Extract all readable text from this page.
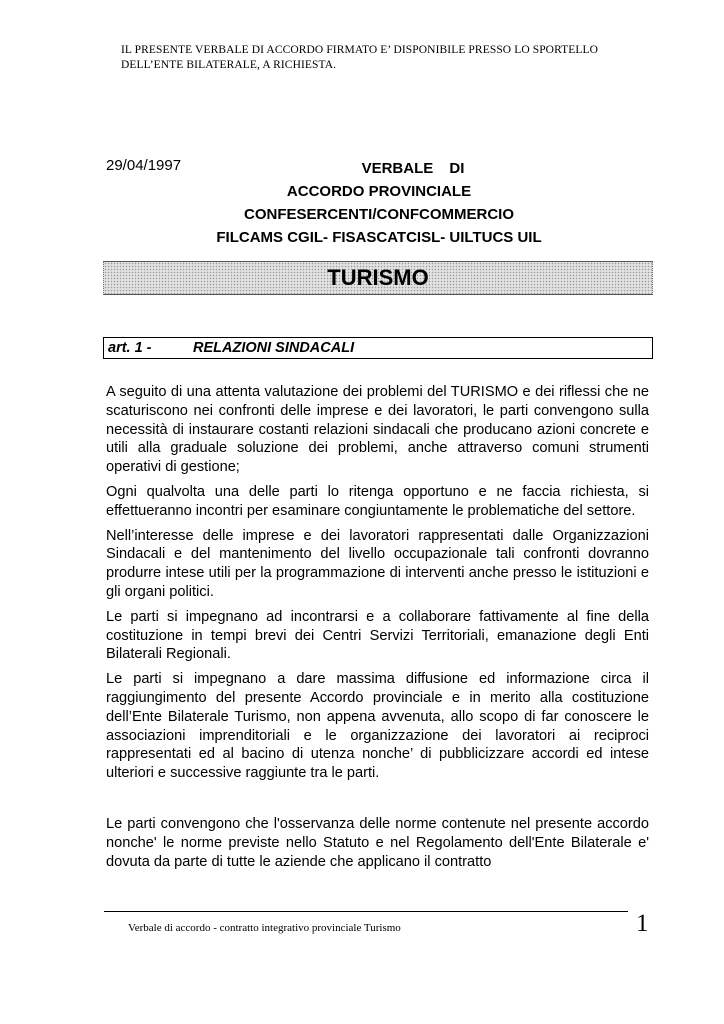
IL PRESENTE VERBALE DI ACCORDO FIRMATO E’ DISPONIBILE PRESSO LO SPORTELLO
DELL’ENTE BILATERALE, A RICHIESTA.
29/04/1997	VERBALE DI
ACCORDO PROVINCIALE
CONFESERCENTI/CONFCOMMERCIO
FILCAMS CGIL- FISASCATCISL- UILTUCS UIL
TURISMO
art. 1 -	RELAZIONI SINDACALI

A seguito di una attenta valutazione dei problemi del TURISMO e dei riflessi che ne scaturiscono nei confronti delle imprese e dei lavoratori, le parti convengono sulla necessità di instaurare costanti relazioni sindacali che producano azioni concrete e utili alla graduale soluzione dei problemi, anche attraverso comuni strumenti operativi di gestione;

Ogni qualvolta una delle parti lo ritenga opportuno e ne faccia richiesta, si effettueranno incontri per esaminare congiuntamente le problematiche del settore.

Nell’interesse delle imprese e dei lavoratori rappresentati dalle Organizzazioni Sindacali e del mantenimento del livello occupazionale tali confronti dovranno produrre intese utili per la programmazione di interventi anche presso le istituzioni e gli organi politici.

Le parti si impegnano ad incontrarsi e a collaborare fattivamente al fine della costituzione in tempi brevi dei Centri Servizi Territoriali, emanazione degli Enti Bilaterali Regionali.

Le parti si impegnano a dare massima diffusione ed informazione circa il raggiungimento del presente Accordo provinciale e in merito alla costituzione dell’Ente Bilaterale Turismo, non appena avvenuta, allo scopo di far conoscere le associazioni imprenditoriali e le organizzazione dei lavoratori ai reciproci rappresentati ed al bacino di utenza nonche’ di pubblicizzare accordi ed intese ulteriori e successive raggiunte tra le parti.

Le parti convengono che l'osservanza delle norme contenute nel presente accordo nonche' le norme previste nello Statuto e nel Regolamento dell'Ente Bilaterale e' dovuta da parte di tutte le aziende che applicano il contratto

Verbale di accordo - contratto integrativo provinciale Turismo	1
